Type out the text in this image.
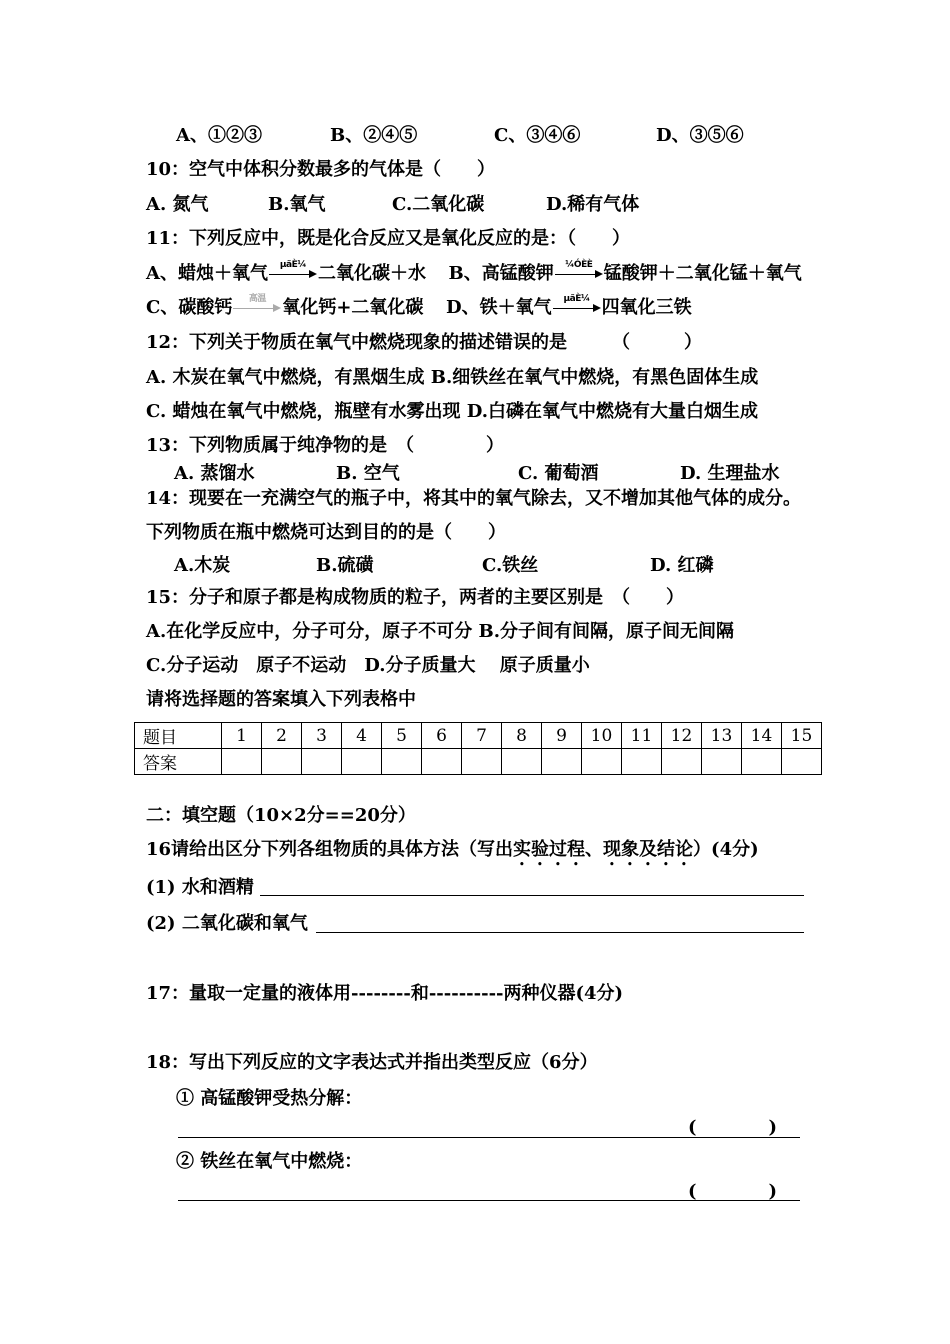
A、①②③	B、②④⑤	C、③④⑥	D、③⑤⑥
10：空气中体积分数最多的气体是（　　）
A. 氮气	B.氧气	C.二氧化碳	D.稀有气体
11：下列反应中，既是化合反应又是氧化反应的是：（　　）
A、蜡烛＋氧气	µãÈ¼ 二氧化碳＋水 B、高锰酸钾	¼ÓÈÈ 锰酸钾＋二氧化锰＋氧气
C、碳酸钙	高温 氧化钙+二氧化碳 D、铁＋氧气	µãÈ¼ 四氧化三铁
12：下列关于物质在氧气中燃烧现象的描述错误的是　　　（　　　）
A. 木炭在氧气中燃烧，有黑烟生成 B.细铁丝在氧气中燃烧，有黑色固体生成
C. 蜡烛在氧气中燃烧，瓶壁有水雾出现 D.白磷在氧气中燃烧有大量白烟生成
13：下列物质属于纯净物的是　（　　　　）
A. 蒸馏水	B. 空气	C. 葡萄酒	D. 生理盐水
14：现要在一充满空气的瓶子中，将其中的氧气除去，又不增加其他气体的成分。
下列物质在瓶中燃烧可达到目的的是（　　）
A.木炭	B.硫磺	C.铁丝	D. 红磷
15：分子和原子都是构成物质的粒子，两者的主要区别是　（　　）
A.在化学反应中，分子可分，原子不可分 B.分子间有间隔，原子间无间隔
C.分子运动　原子不运动　D.分子质量大　 原子质量小
请将选择题的答案填入下列表格中
题目	1	2	3	4	5	6	7	8	9	10	11	12	13	14	15
答案															
二：填空题（10×2分==20分）
16请给出区分下列各组物质的具体方法（写出实验过程、现象及结论）(4分)
(1) 水和酒精
(2) 二氧化碳和氧气
17：量取一定量的液体用--------和----------两种仪器(4分)
18：写出下列反应的文字表达式并指出类型反应（6分）
① 高锰酸钾受热分解：
(　　　　)
② 铁丝在氧气中燃烧：
(　　　　)
